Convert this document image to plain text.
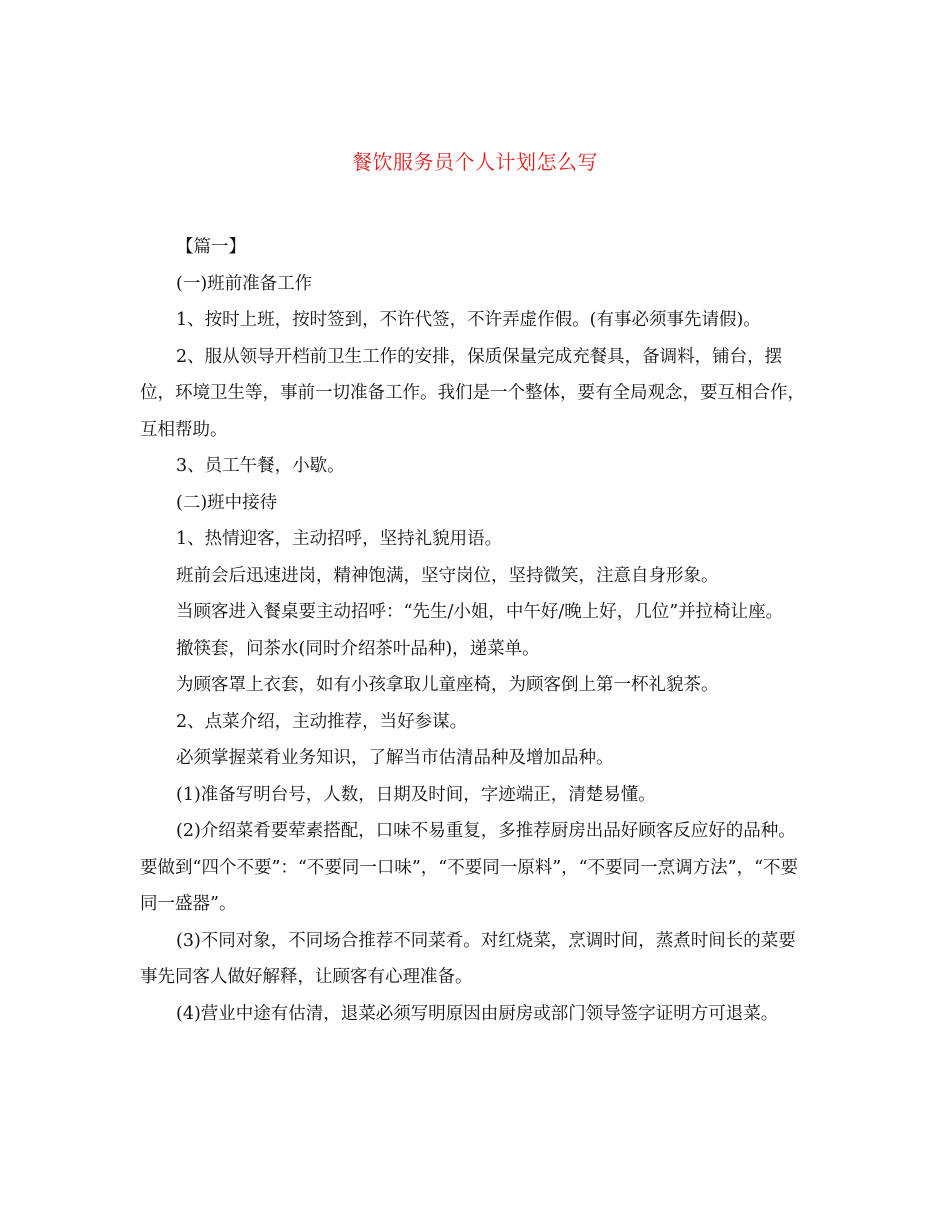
餐饮服务员个人计划怎么写

【篇一】

(一)班前准备工作

1、按时上班，按时签到，不许代签，不许弄虚作假。(有事必须事先请假)。

2、服从领导开档前卫生工作的安排，保质保量完成充餐具，备调料，铺台，摆位，环境卫生等，事前一切准备工作。我们是一个整体，要有全局观念，要互相合作，互相帮助。

3、员工午餐，小歇。

(二)班中接待

1、热情迎客，主动招呼，坚持礼貌用语。

班前会后迅速进岗，精神饱满，坚守岗位，坚持微笑，注意自身形象。

当顾客进入餐桌要主动招呼：“先生/小姐，中午好/晚上好，几位”并拉椅让座。

撤筷套，问茶水(同时介绍茶叶品种)，递菜单。

为顾客罩上衣套，如有小孩拿取儿童座椅，为顾客倒上第一杯礼貌茶。

2、点菜介绍，主动推荐，当好参谋。

必须掌握菜肴业务知识，了解当市估清品种及增加品种。

(1)准备写明台号，人数，日期及时间，字迹端正，清楚易懂。

(2)介绍菜肴要荤素搭配，口味不易重复，多推荐厨房出品好顾客反应好的品种。要做到“四个不要”：“不要同一口味”，“不要同一原料”，“不要同一烹调方法”，“不要同一盛器”。

(3)不同对象，不同场合推荐不同菜肴。对红烧菜，烹调时间，蒸煮时间长的菜要事先同客人做好解释，让顾客有心理准备。

(4)营业中途有估清，退菜必须写明原因由厨房或部门领导签字证明方可退菜。
